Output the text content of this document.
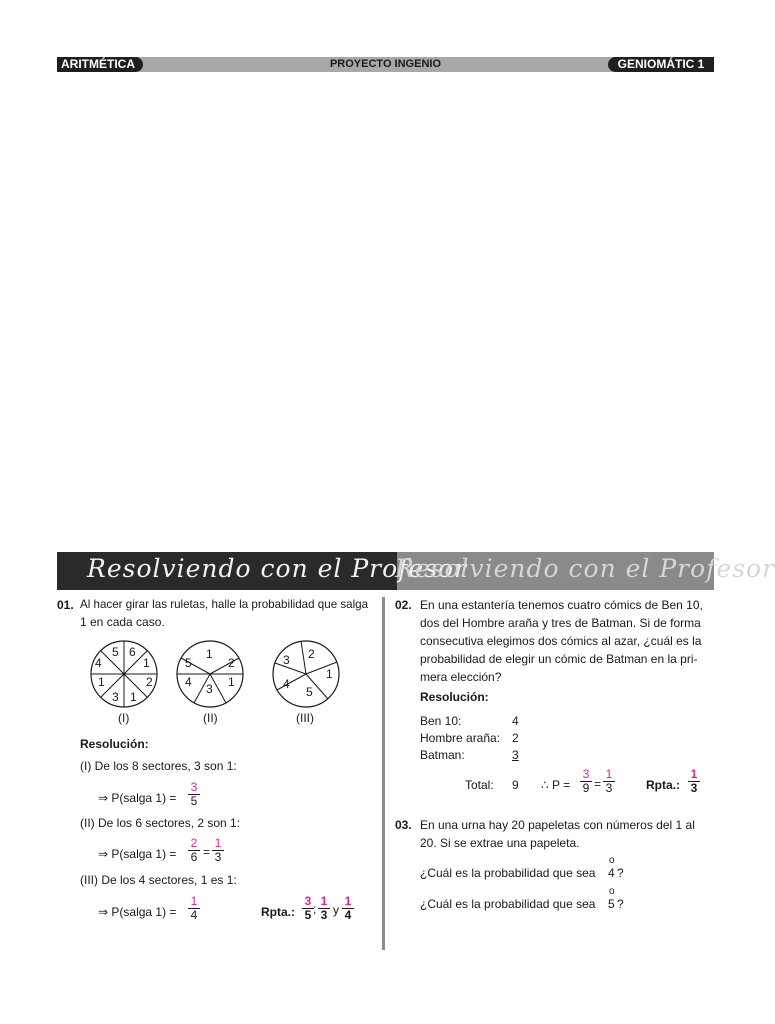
PROYECTO INGENIO
ARITMÉTICA	GENIOMÁTIC 1
Resolviendo con el Profesor
Resolviendo con el Profesor
01. Al hacer girar las ruletas, halle la probabilidad que salga
1 en cada caso.
5 6
1
2
1
3
1
4
1
2
1
3
4
5	3 2
1
5
4
(I)	(II)	(III)
Resolución:
(I) De los 8 sectores, 3 son 1:
⇒ P(salga 1) =
3
5
(II) De los 6 sectores, 2 son 1:
⇒ P(salga 1) =
2
6 =
1
3
(III) De los 4 sectores, 1 es 1:
⇒ P(salga 1) =
1
4	Rpta.:
3
5 ;
1
3 y
1
4
02. En una estantería tenemos cuatro cómics de Ben 10,
dos del Hombre araña y tres de Batman. Si de forma
consecutiva elegimos dos cómics al azar, ¿cuál es la
probabilidad de elegir un cómic de Batman en la pri-
mera elección?
Resolución:
Ben 10:	4
Hombre araña: 2
Batman:	3
Total: 9 ∴ P =
3
9 =
1
3	Rpta.:
1
3
03. En una urna hay 20 papeletas con números del 1 al
20. Si se extrae una papeleta.
¿Cuál es la probabilidad que sea
o
4 ?
¿Cuál es la probabilidad que sea
o
5 ?
